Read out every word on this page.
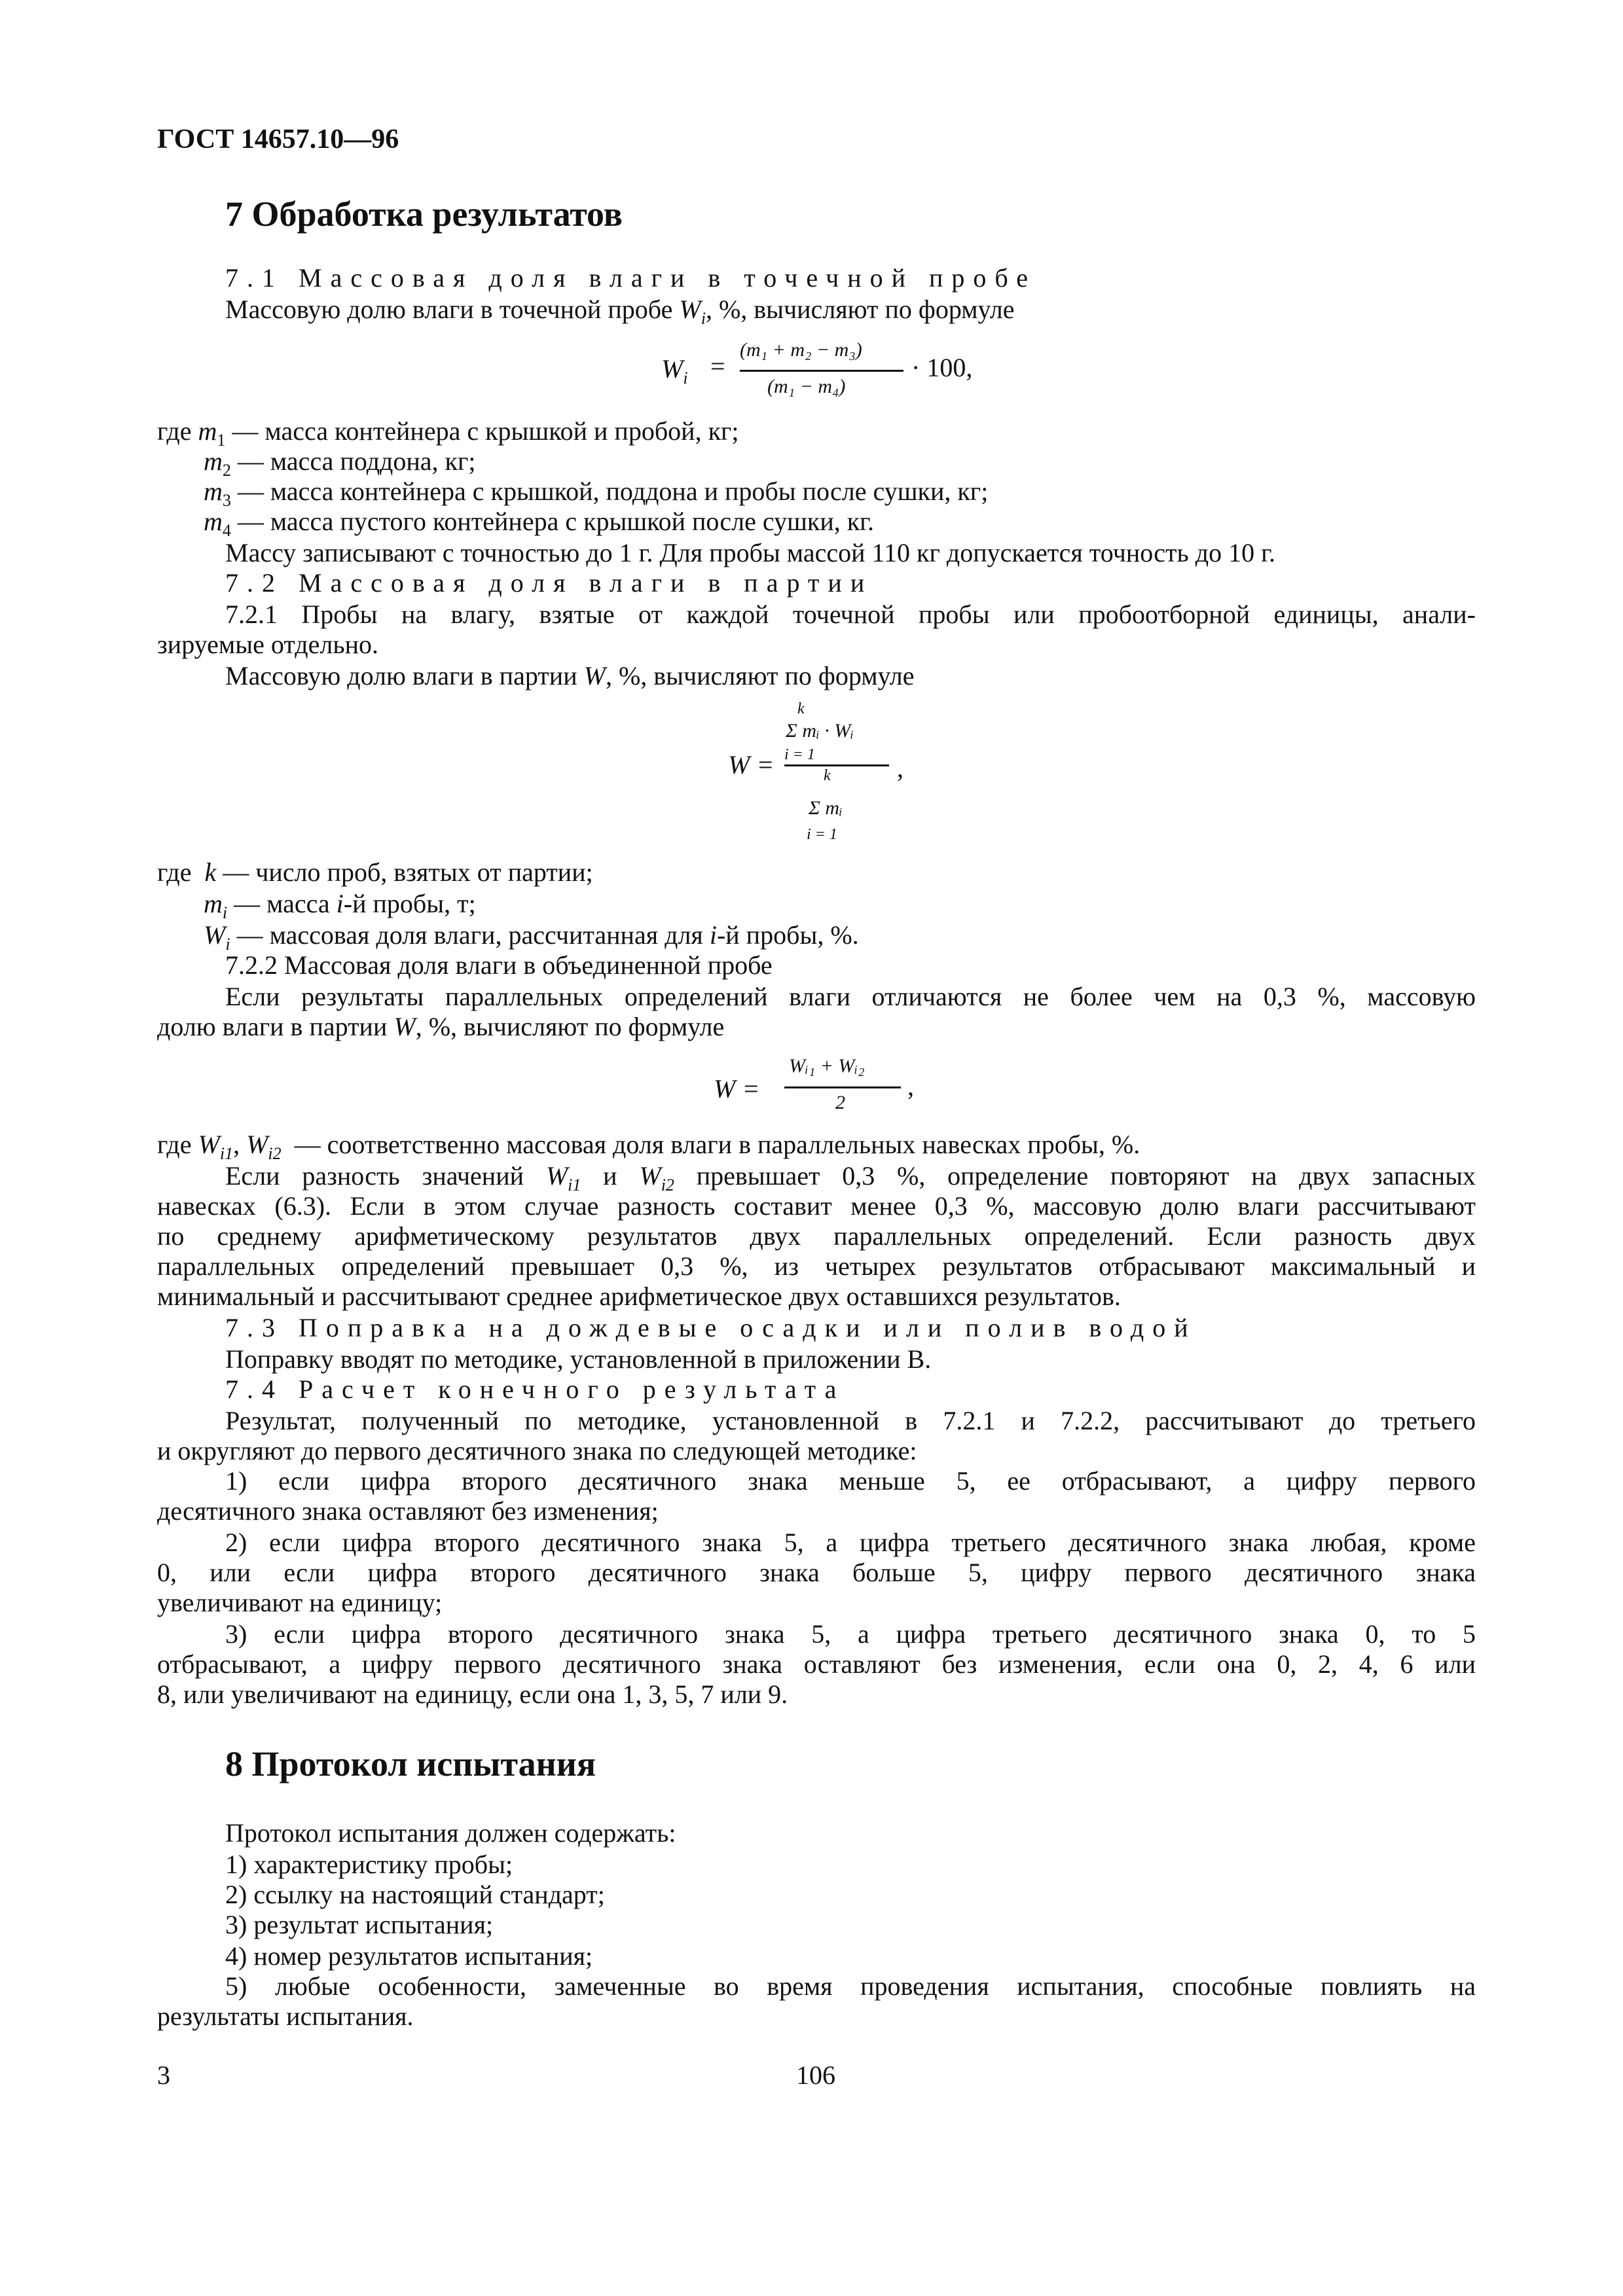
ГОСТ 14657.10—96
7 Обработка результатов
7.1 Массовая доля влаги в точечной пробе
Массовую долю влаги в точечной пробе $W_i$, %, вычисляют по формуле
$W_i$ =
(m₁ + m₂ − m₃)
(m₁ − m₄)
· 100,
где $m_1$ — масса контейнера с крышкой и пробой, кг;
$m_2$ — масса поддона, кг;
$m_3$ — масса контейнера с крышкой, поддона и пробы после сушки, кг;
$m_4$ — масса пустого контейнера с крышкой после сушки, кг.
Массу записывают с точностью до 1 г. Для пробы массой 110 кг допускается точность до 10 г.
7.2 Массовая доля влаги в партии
7.2.1 Пробы на влагу, взятые от каждой точечной пробы или пробоотборной единицы, анали-
зируемые отдельно.
Массовую долю влаги в партии W, %, вычисляют по формуле
k
Σ mᵢ · Wᵢ
W = i = 1
k
Σ mᵢ
i = 1
,
где k — число проб, взятых от партии;
$m_i$ — масса i-й пробы, т;
$W_i$ — массовая доля влаги, рассчитанная для i-й пробы, %.
7.2.2 Массовая доля влаги в объединенной пробе
Если результаты параллельных определений влаги отличаются не более чем на 0,3 %, массовую
долю влаги в партии W, %, вычисляют по формуле
W =
Wᵢ₁ + Wᵢ₂
2
,
где $W_{i1}$, $W_{i2}$ — соответственно массовая доля влаги в параллельных навесках пробы, %.
Если разность значений $W_{i1}$ и $W_{i2}$ превышает 0,3 %, определение повторяют на двух запасных
навесках (6.3). Если в этом случае разность составит менее 0,3 %, массовую долю влаги рассчитывают
по среднему арифметическому результатов двух параллельных определений. Если разность двух
параллельных определений превышает 0,3 %, из четырех результатов отбрасывают максимальный и
минимальный и рассчитывают среднее арифметическое двух оставшихся результатов.
7.3 Поправка на дождевые осадки или полив водой
Поправку вводят по методике, установленной в приложении В.
7.4 Расчет конечного результата
Результат, полученный по методике, установленной в 7.2.1 и 7.2.2, рассчитывают до третьего
и округляют до первого десятичного знака по следующей методике:
1) если цифра второго десятичного знака меньше 5, ее отбрасывают, а цифру первого
десятичного знака оставляют без изменения;
2) если цифра второго десятичного знака 5, а цифра третьего десятичного знака любая, кроме
0, или если цифра второго десятичного знака больше 5, цифру первого десятичного знака
увеличивают на единицу;
3) если цифра второго десятичного знака 5, а цифра третьего десятичного знака 0, то 5
отбрасывают, а цифру первого десятичного знака оставляют без изменения, если она 0, 2, 4, 6 или
8, или увеличивают на единицу, если она 1, 3, 5, 7 или 9.
8 Протокол испытания
Протокол испытания должен содержать:
1) характеристику пробы;
2) ссылку на настоящий стандарт;
3) результат испытания;
4) номер результатов испытания;
5) любые особенности, замеченные во время проведения испытания, способные повлиять на
результаты испытания.
3	106
